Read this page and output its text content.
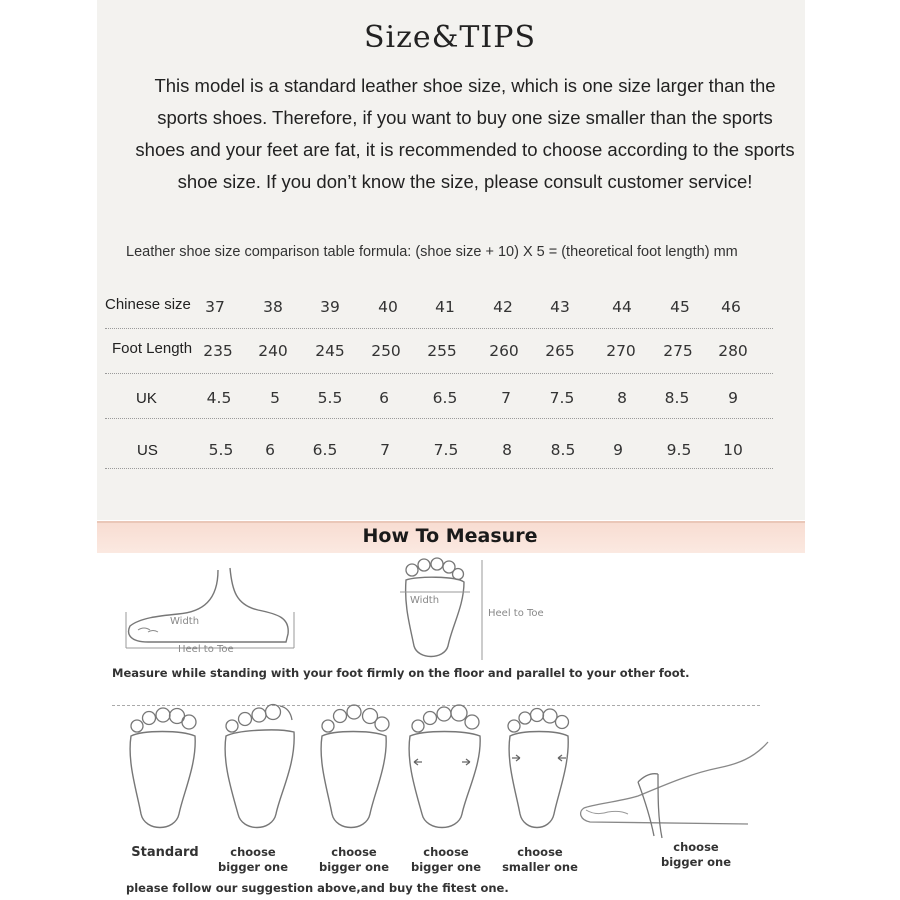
Size&TIPS
This model is a standard leather shoe size, which is one size larger than the sports shoes. Therefore, if you want to buy one size smaller than the sports shoes and your feet are fat, it is recommended to choose according to the sports shoe size. If you don’t know the size, please consult customer service!
Leather shoe size comparison table formula: (shoe size + 10) X 5 = (theoretical foot length) mm
Chinese size 37	38	39	40	41	42	43	44	45	46
Foot Length 235	240	245	250	255	260	265	270	275	280
UK	4.5	5	5.5	6	6.5	7	7.5	8	8.5	9
US	5.5	6	6.5	7	7.5	8	8.5	9	9.5	10
How To Measure
Width
Heel to Toe
Width
Heel to Toe
Measure while standing with your foot firmly on the floor and parallel to your other foot.
Standard	choose
bigger one
choose
bigger one
choose
bigger one
choose
smaller one
choose
bigger one
please follow our suggestion above,and buy the fitest one.
